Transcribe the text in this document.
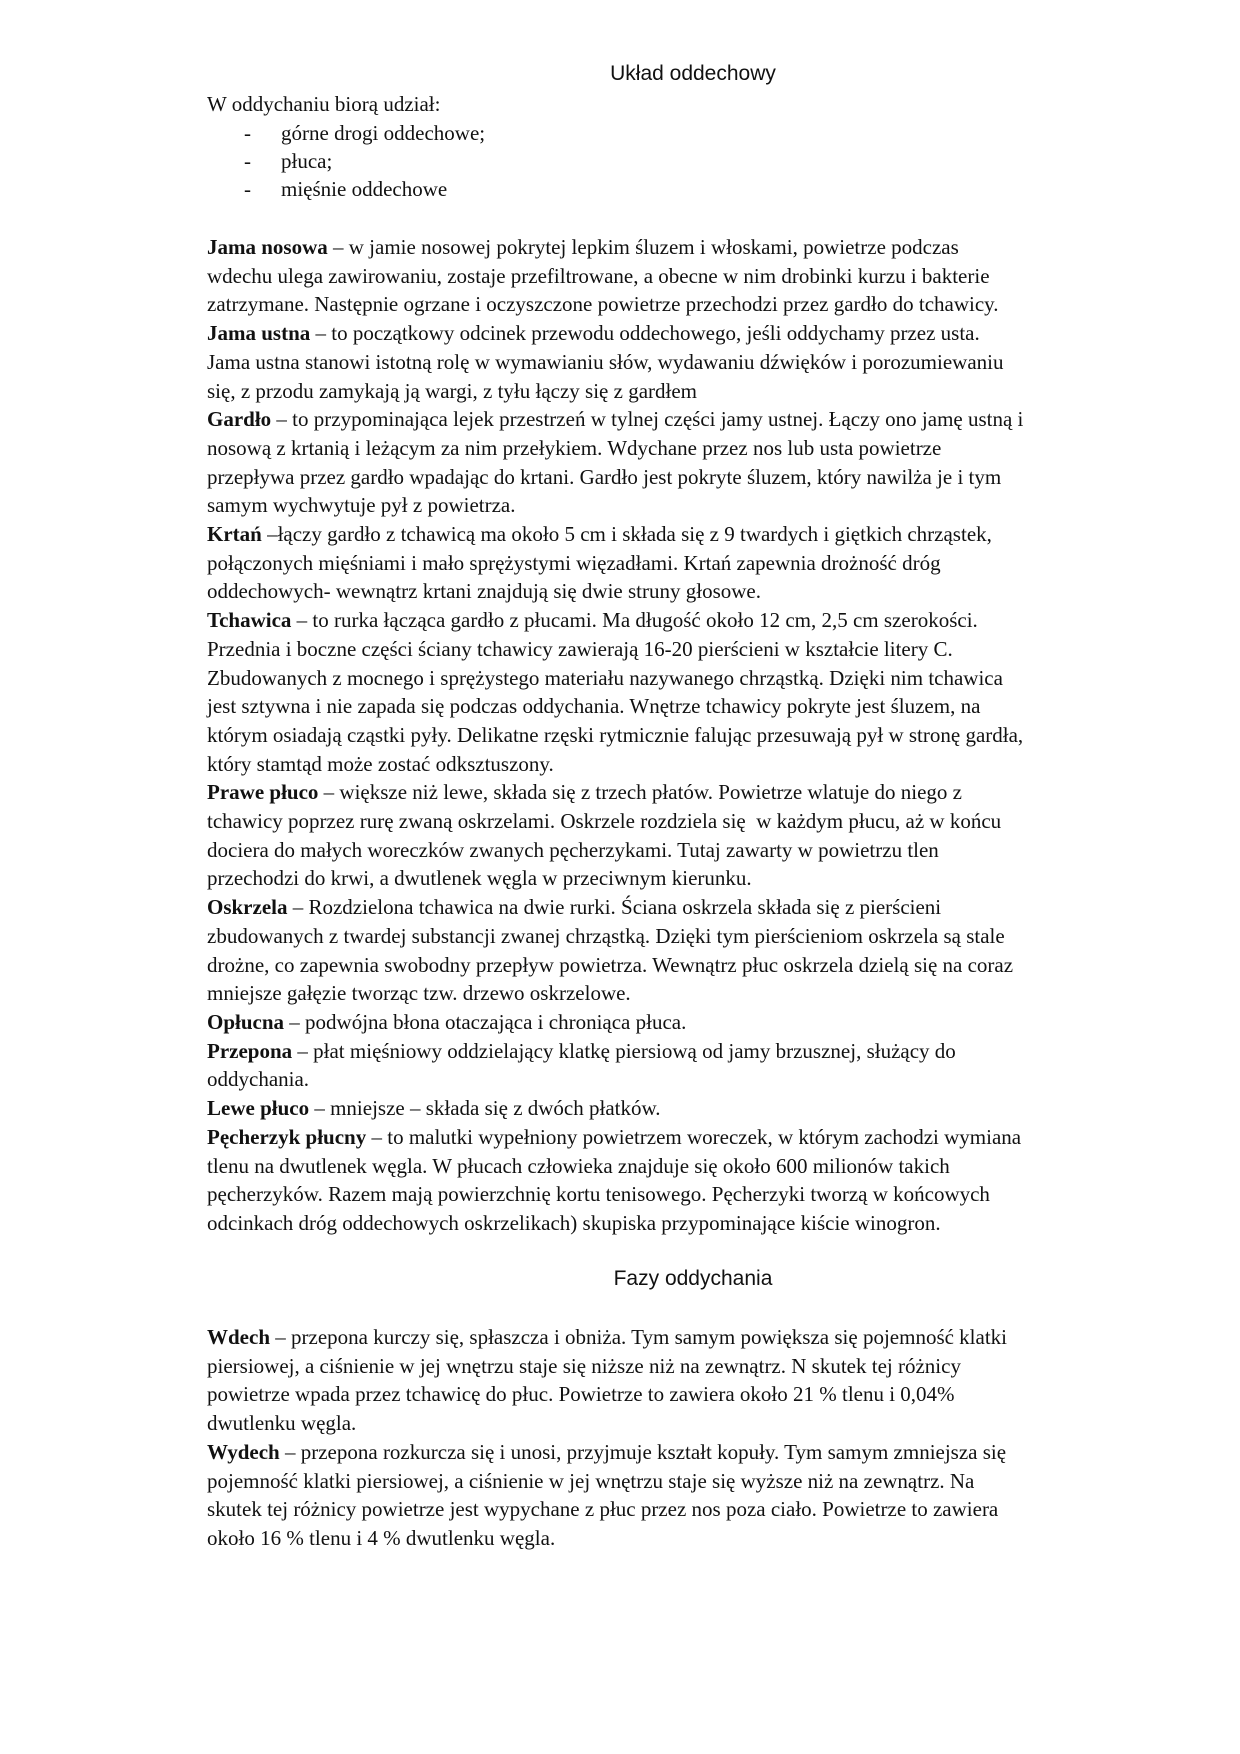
Układ oddechowy
W oddychaniu biorą udział:
- górne drogi oddechowe;
- płuca;
- mięśnie oddechowe
Jama nosowa – w jamie nosowej pokrytej lepkim śluzem i włoskami, powietrze podczas
wdechu ulega zawirowaniu, zostaje przefiltrowane, a obecne w nim drobinki kurzu i bakterie
zatrzymane. Następnie ogrzane i oczyszczone powietrze przechodzi przez gardło do tchawicy.
Jama ustna – to początkowy odcinek przewodu oddechowego, jeśli oddychamy przez usta.
Jama ustna stanowi istotną rolę w wymawianiu słów, wydawaniu dźwięków i porozumiewaniu
się, z przodu zamykają ją wargi, z tyłu łączy się z gardłem
Gardło – to przypominająca lejek przestrzeń w tylnej części jamy ustnej. Łączy ono jamę ustną i
nosową z krtanią i leżącym za nim przełykiem. Wdychane przez nos lub usta powietrze
przepływa przez gardło wpadając do krtani. Gardło jest pokryte śluzem, który nawilża je i tym
samym wychwytuje pył z powietrza.
Krtań –łączy gardło z tchawicą ma około 5 cm i składa się z 9 twardych i giętkich chrząstek,
połączonych mięśniami i mało sprężystymi więzadłami. Krtań zapewnia drożność dróg
oddechowych- wewnątrz krtani znajdują się dwie struny głosowe.
Tchawica – to rurka łącząca gardło z płucami. Ma długość około 12 cm, 2,5 cm szerokości.
Przednia i boczne części ściany tchawicy zawierają 16-20 pierścieni w kształcie litery C.
Zbudowanych z mocnego i sprężystego materiału nazywanego chrząstką. Dzięki nim tchawica
jest sztywna i nie zapada się podczas oddychania. Wnętrze tchawicy pokryte jest śluzem, na
którym osiadają cząstki pyły. Delikatne rzęski rytmicznie falując przesuwają pył w stronę gardła,
który stamtąd może zostać odksztuszony.
Prawe płuco – większe niż lewe, składa się z trzech płatów. Powietrze wlatuje do niego z
tchawicy poprzez rurę zwaną oskrzelami. Oskrzele rozdziela się  w każdym płucu, aż w końcu
dociera do małych woreczków zwanych pęcherzykami. Tutaj zawarty w powietrzu tlen
przechodzi do krwi, a dwutlenek węgla w przeciwnym kierunku.
Oskrzela – Rozdzielona tchawica na dwie rurki. Ściana oskrzela składa się z pierścieni
zbudowanych z twardej substancji zwanej chrząstką. Dzięki tym pierścieniom oskrzela są stale
drożne, co zapewnia swobodny przepływ powietrza. Wewnątrz płuc oskrzela dzielą się na coraz
mniejsze gałęzie tworząc tzw. drzewo oskrzelowe.
Opłucna – podwójna błona otaczająca i chroniąca płuca.
Przepona – płat mięśniowy oddzielający klatkę piersiową od jamy brzusznej, służący do
oddychania.
Lewe płuco – mniejsze – składa się z dwóch płatków.
Pęcherzyk płucny – to malutki wypełniony powietrzem woreczek, w którym zachodzi wymiana
tlenu na dwutlenek węgla. W płucach człowieka znajduje się około 600 milionów takich
pęcherzyków. Razem mają powierzchnię kortu tenisowego. Pęcherzyki tworzą w końcowych
odcinkach dróg oddechowych oskrzelikach) skupiska przypominające kiście winogron.
Fazy oddychania
Wdech – przepona kurczy się, spłaszcza i obniża. Tym samym powiększa się pojemność klatki
piersiowej, a ciśnienie w jej wnętrzu staje się niższe niż na zewnątrz. N skutek tej różnicy
powietrze wpada przez tchawicę do płuc. Powietrze to zawiera około 21 % tlenu i 0,04%
dwutlenku węgla.
Wydech – przepona rozkurcza się i unosi, przyjmuje kształt kopuły. Tym samym zmniejsza się
pojemność klatki piersiowej, a ciśnienie w jej wnętrzu staje się wyższe niż na zewnątrz. Na
skutek tej różnicy powietrze jest wypychane z płuc przez nos poza ciało. Powietrze to zawiera
około 16 % tlenu i 4 % dwutlenku węgla.
